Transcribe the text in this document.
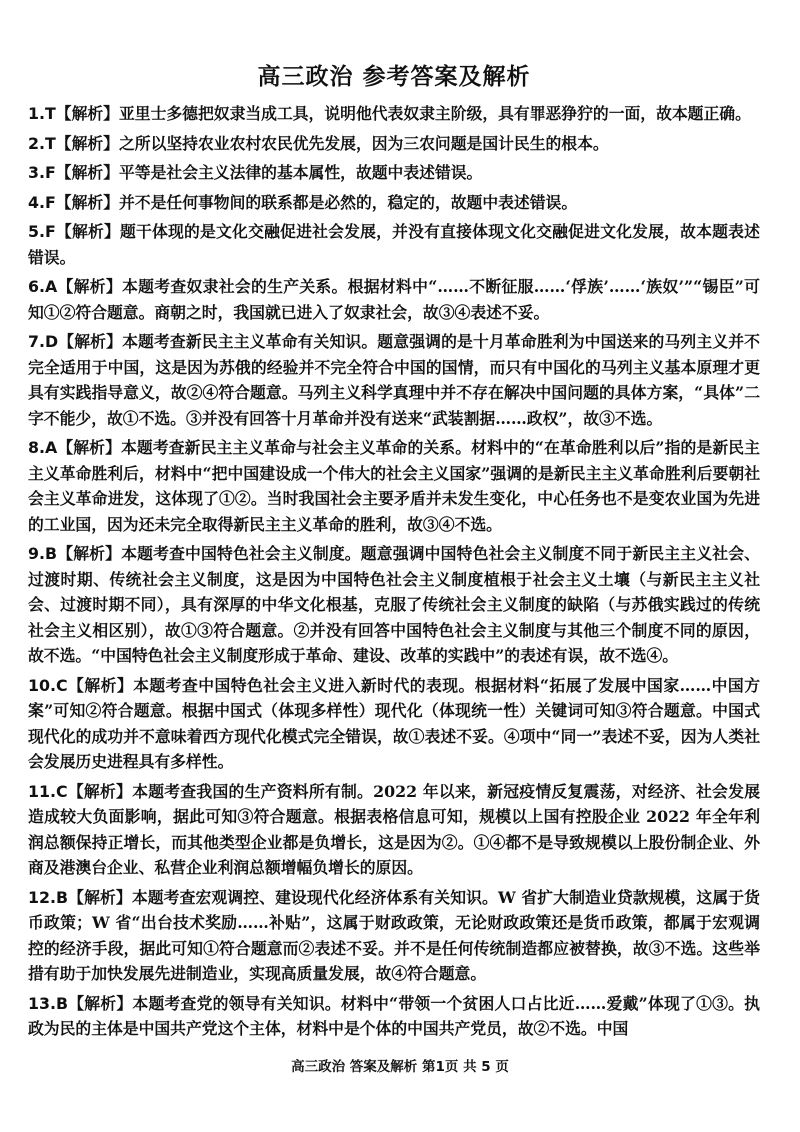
高三政治 参考答案及解析

1.T【解析】亚里士多德把奴隶当成工具，说明他代表奴隶主阶级，具有罪恶狰狞的一面，故本题正确。

2.T【解析】之所以坚持农业农村农民优先发展，因为三农问题是国计民生的根本。

3.F【解析】平等是社会主义法律的基本属性，故题中表述错误。

4.F【解析】并不是任何事物间的联系都是必然的，稳定的，故题中表述错误。

5.F【解析】题干体现的是文化交融促进社会发展，并没有直接体现文化交融促进文化发展，故本题表述错误。

6.A【解析】本题考查奴隶社会的生产关系。根据材料中“……不断征服……‘俘族’……‘族奴’”“锡臣”可知①②符合题意。商朝之时，我国就已进入了奴隶社会，故③④表述不妥。

7.D【解析】本题考查新民主主义革命有关知识。题意强调的是十月革命胜利为中国送来的马列主义并不完全适用于中国，这是因为苏俄的经验并不完全符合中国的国情，而只有中国化的马列主义基本原理才更具有实践指导意义，故②④符合题意。马列主义科学真理中并不存在解决中国问题的具体方案，“具体”二字不能少，故①不选。③并没有回答十月革命并没有送来“武装割据……政权”，故③不选。

8.A【解析】本题考查新民主主义革命与社会主义革命的关系。材料中的“在革命胜利以后”指的是新民主主义革命胜利后，材料中“把中国建设成一个伟大的社会主义国家”强调的是新民主主义革命胜利后要朝社会主义革命进发，这体现了①②。当时我国社会主要矛盾并未发生变化，中心任务也不是变农业国为先进的工业国，因为还未完全取得新民主主义革命的胜利，故③④不选。

9.B【解析】本题考查中国特色社会主义制度。题意强调中国特色社会主义制度不同于新民主主义社会、过渡时期、传统社会主义制度，这是因为中国特色社会主义制度植根于社会主义土壤（与新民主主义社会、过渡时期不同），具有深厚的中华文化根基，克服了传统社会主义制度的缺陷（与苏俄实践过的传统社会主义相区别），故①③符合题意。②并没有回答中国特色社会主义制度与其他三个制度不同的原因，故不选。“中国特色社会主义制度形成于革命、建设、改革的实践中”的表述有误，故不选④。

10.C【解析】本题考查中国特色社会主义进入新时代的表现。根据材料“拓展了发展中国家……中国方案”可知②符合题意。根据中国式（体现多样性）现代化（体现统一性）关键词可知③符合题意。中国式现代化的成功并不意味着西方现代化模式完全错误，故①表述不妥。④项中“同一”表述不妥，因为人类社会发展历史进程具有多样性。

11.C【解析】本题考查我国的生产资料所有制。2022 年以来，新冠疫情反复震荡，对经济、社会发展造成较大负面影响，据此可知③符合题意。根据表格信息可知，规模以上国有控股企业 2022 年全年利润总额保持正增长，而其他类型企业都是负增长，这是因为②。①④都不是导致规模以上股份制企业、外商及港澳台企业、私营企业利润总额增幅负增长的原因。

12.B【解析】本题考查宏观调控、建设现代化经济体系有关知识。W 省扩大制造业贷款规模，这属于货币政策；W 省“出台技术奖励……补贴”，这属于财政政策，无论财政政策还是货币政策，都属于宏观调控的经济手段，据此可知①符合题意而②表述不妥。并不是任何传统制造都应被替换，故③不选。这些举措有助于加快发展先进制造业，实现高质量发展，故④符合题意。

13.B【解析】本题考查党的领导有关知识。材料中“带领一个贫困人口占比近……爱戴”体现了①③。执政为民的主体是中国共产党这个主体，材料中是个体的中国共产党员，故②不选。中国

高三政治 答案及解析 第1页 共 5 页
